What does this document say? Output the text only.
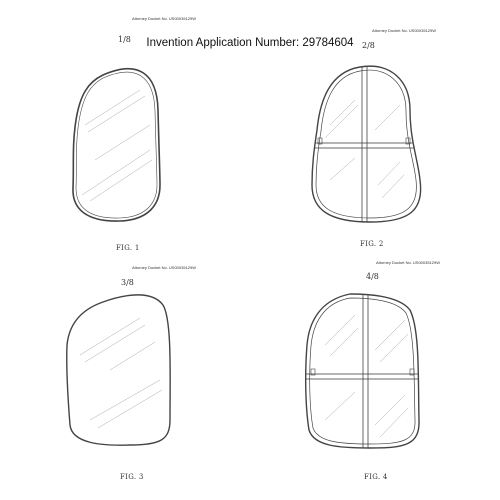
Attorney Docket No. US00035129W
1/8	Invention Application Number: 29784604
Attorney Docket No. US00035129W
2/8
Attorney Docket No. US00035129W
3/8
Attorney Docket No. US00035129W
4/8
FIG. 1	FIG. 2
FIG. 3	FIG. 4
